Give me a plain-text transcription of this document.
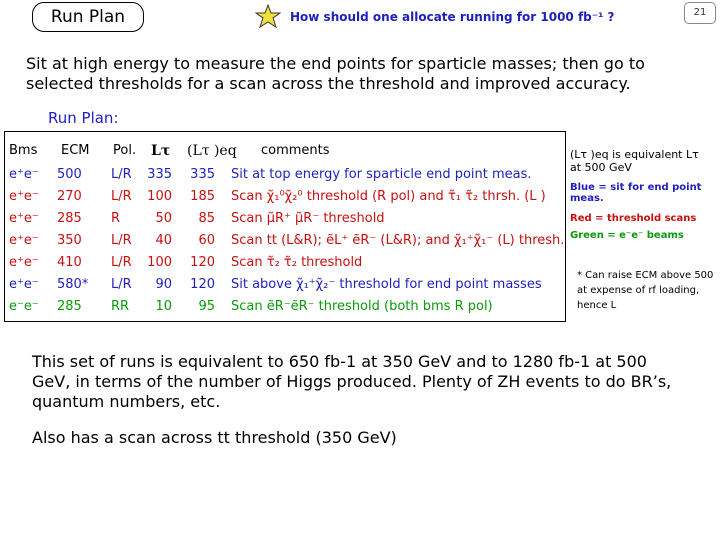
Run Plan	How should one allocate running for 1000 fb⁻¹ ?	21
Sit at high energy to measure the end points for sparticle masses; then go to selected thresholds for a scan across the threshold and improved accuracy.
Run Plan:
Bms ECM Pol. Lτ (Lτ )eq comments
e⁺e⁻ 500 L/R	335	335 Sit at top energy for sparticle end point meas.
e⁺e⁻ 270 L/R	100	185 Scan χ̃₁⁰χ̃₂⁰ threshold (R pol) and τ̃₁ τ̃₂ thrsh. (L )
e⁺e⁻ 285 R	50	85 Scan μ̃R⁺ μ̃R⁻ threshold
e⁺e⁻ 350 L/R	40	60 Scan tt (L&R); ẽL⁺ ẽR⁻ (L&R); and χ̃₁⁺χ̃₁⁻ (L) thresh.
e⁺e⁻ 410 L/R	100	120 Scan τ̃₂ τ̃₂ threshold
e⁺e⁻ 580* L/R	90	120 Sit above χ̃₁⁺χ̃₂⁻ threshold for end point masses
e⁻e⁻ 285 RR	10	95 Scan ẽR⁻ẽR⁻ threshold (both bms R pol)
(Lτ )eq is equivalent Lτ at 500 GeV
Blue = sit for end point meas.
Red = threshold scans
Green = e⁻e⁻ beams
* Can raise ECM above 500 at expense of rf loading, hence L
This set of runs is equivalent to 650 fb-1 at 350 GeV and to 1280 fb-1 at 500 GeV, in terms of the number of Higgs produced. Plenty of ZH events to do BR’s, quantum numbers, etc.
Also has a scan across tt threshold (350 GeV)
